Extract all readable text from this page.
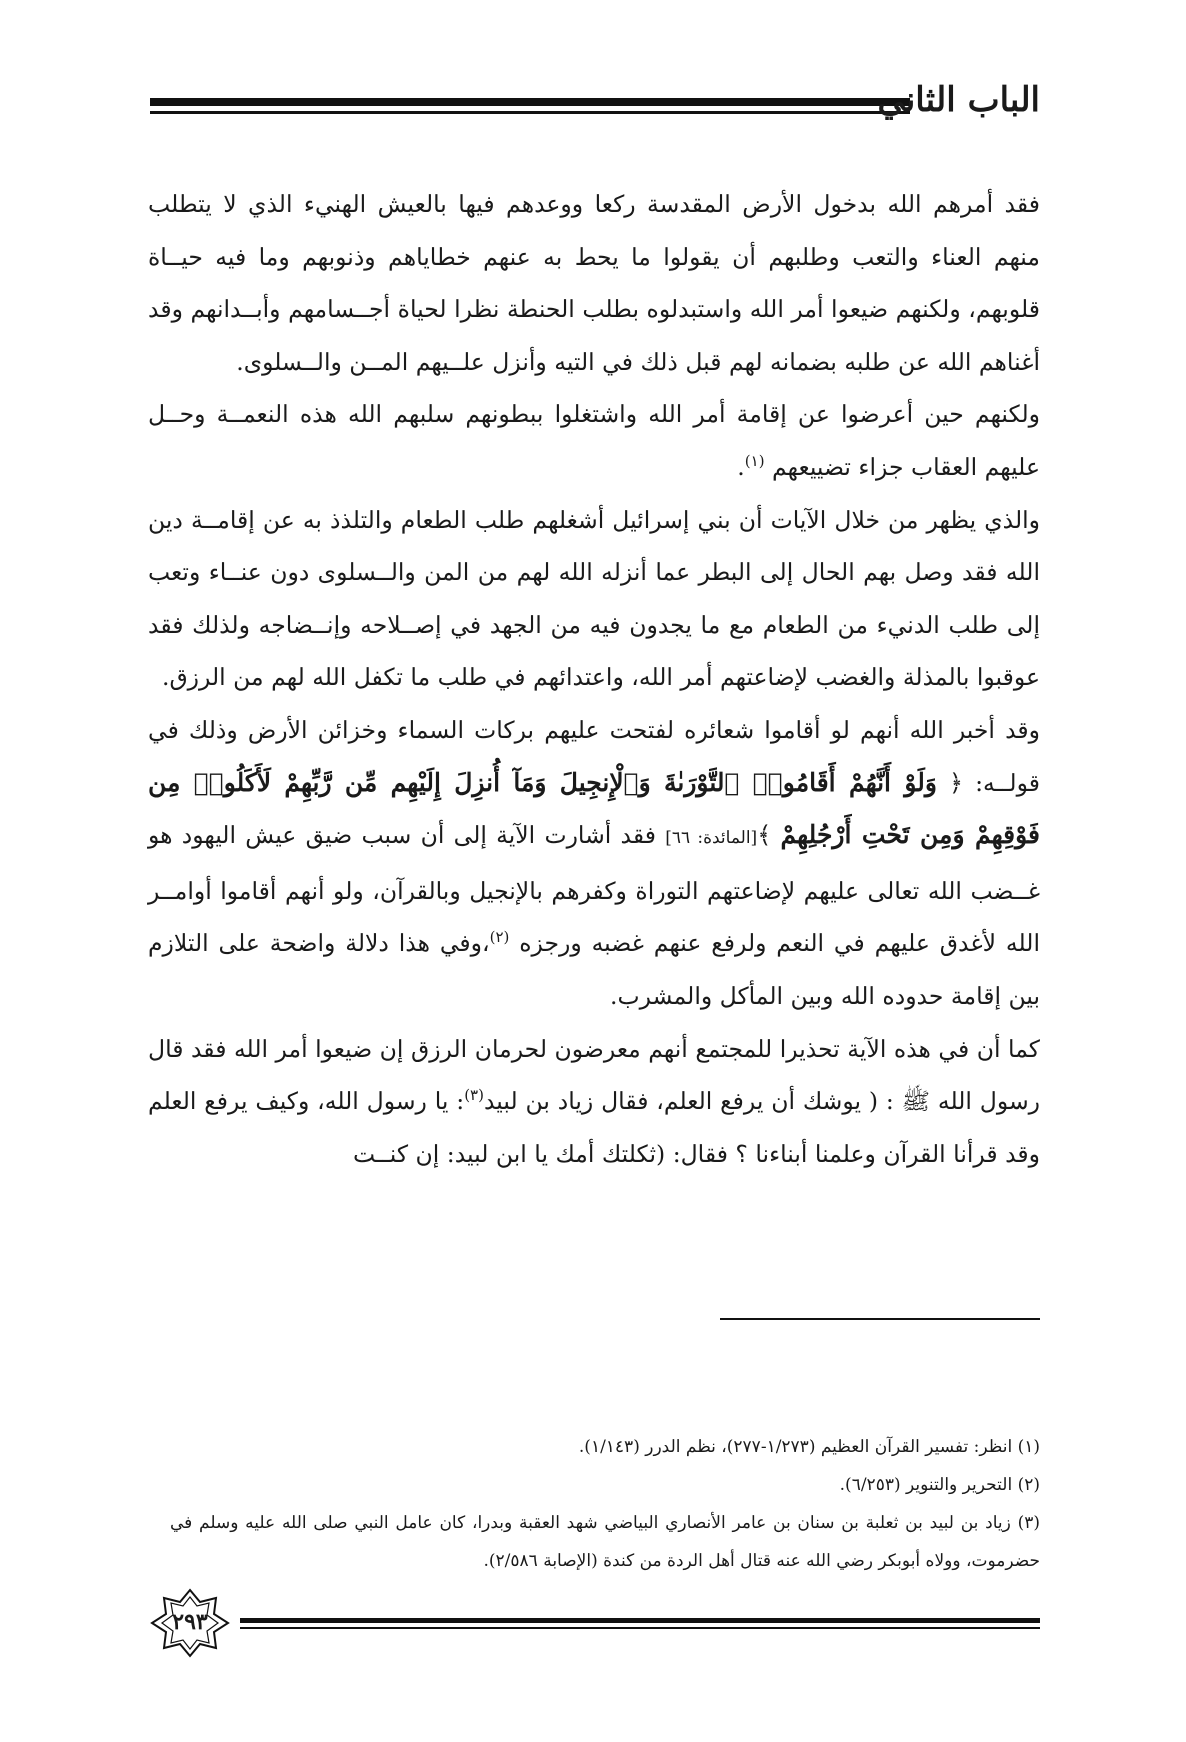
الباب الثاني

فقد أمرهم الله بدخول الأرض المقدسة ركعا ووعدهم فيها بالعيش الهنيء الذي لا يتطلب منهم العناء والتعب وطلبهم أن يقولوا ما يحط به عنهم خطاياهم وذنوبهم وما فيه حيــاة قلوبهم، ولكنهم ضيعوا أمر الله واستبدلوه بطلب الحنطة نظرا لحياة أجــسامهم وأبــدانهم وقد أغناهم الله عن طلبه بضمانه لهم قبل ذلك في التيه وأنزل علــيهم المــن والــسلوى.

ولكنهم حين أعرضوا عن إقامة أمر الله واشتغلوا ببطونهم سلبهم الله هذه النعمــة وحــل عليهم العقاب جزاء تضييعهم $^{(١)}$.

والذي يظهر من خلال الآيات أن بني إسرائيل أشغلهم طلب الطعام والتلذذ به عن إقامــة دين الله فقد وصل بهم الحال إلى البطر عما أنزله الله لهم من المن والــسلوى دون عنــاء وتعب إلى طلب الدنيء من الطعام مع ما يجدون فيه من الجهد في إصــلاحه وإنــضاجه ولذلك فقد عوقبوا بالمذلة والغضب لإضاعتهم أمر الله، واعتدائهم في طلب ما تكفل الله لهم من الرزق.

وقد أخبر الله أنهم لو أقاموا شعائره لفتحت عليهم بركات السماء وخزائن الأرض وذلك في قولــه: ﴿ وَلَوْ أَنَّهُمْ أَقَامُوا۟ ٱلتَّوْرَىٰةَ وَٱلْإِنجِيلَ وَمَآ أُنزِلَ إِلَيْهِم مِّن رَّبِّهِمْ لَأَكَلُوا۟ مِن فَوْقِهِمْ وَمِن تَحْتِ أَرْجُلِهِمْ ﴾[المائدة: ٦٦] فقد أشارت الآية إلى أن سبب ضيق عيش اليهود هو غــضب الله تعالى عليهم لإضاعتهم التوراة وكفرهم بالإنجيل وبالقرآن، ولو أنهم أقاموا أوامــر الله لأغدق عليهم في النعم ولرفع عنهم غضبه ورجزه $^{(٢)}$،وفي هذا دلالة واضحة على التلازم بين إقامة حدوده الله وبين المأكل والمشرب.

كما أن في هذه الآية تحذيرا للمجتمع أنهم معرضون لحرمان الرزق إن ضيعوا أمر الله فقد قال رسول الله ﷺ : ( يوشك أن يرفع العلم، فقال زياد بن لبيد$^{(٣)}$: يا رسول الله، وكيف يرفع العلم وقد قرأنا القرآن وعلمنا أبناءنا ؟ فقال: (ثكلتك أمك يا ابن لبيد: إن كنــت

(١) انظر: تفسير القرآن العظيم (١/٢٧٣-٢٧٧)، نظم الدرر (١/١٤٣).

(٢) التحرير والتنوير (٦/٢٥٣).

(٣) زياد بن لبيد بن ثعلبة بن سنان بن عامر الأنصاري البياضي شهد العقبة وبدرا، كان عامل النبي صلى الله عليه وسلم في حضرموت، وولاه أبوبكر رضي الله عنه قتال أهل الردة من كندة (الإصابة ٢/٥٨٦).

٢٩٣
